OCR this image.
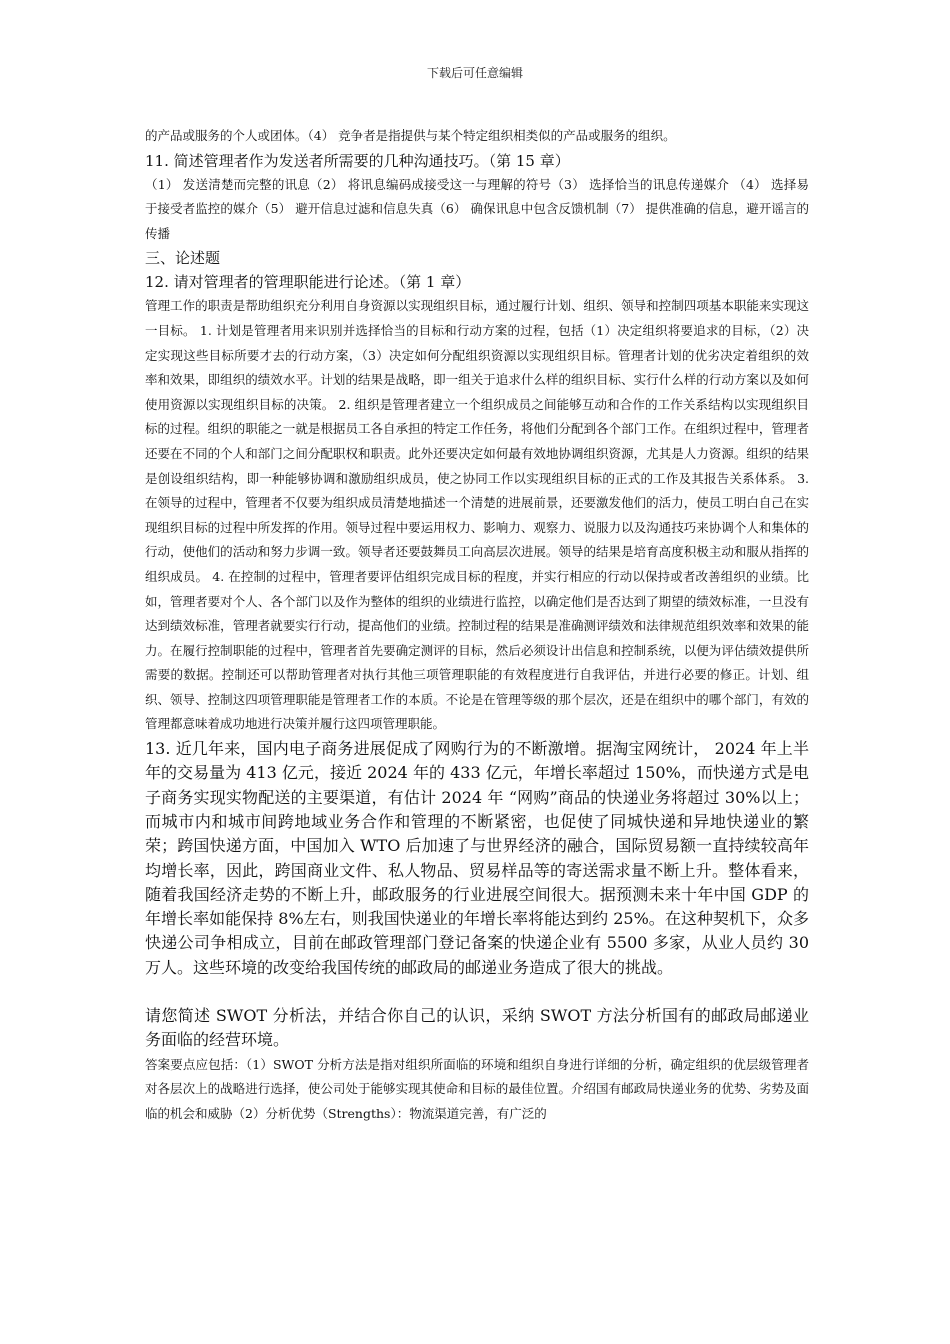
下载后可任意编辑

的产品或服务的个人或团体。（4） 竞争者是指提供与某个特定组织相类似的产品或服务的组织。

11. 简述管理者作为发送者所需要的几种沟通技巧。（第 15 章）

（1） 发送清楚而完整的讯息（2） 将讯息编码成接受这一与理解的符号（3） 选择恰当的讯息传递媒介 （4） 选择易于接受者监控的媒介（5） 避开信息过滤和信息失真（6） 确保讯息中包含反馈机制（7） 提供准确的信息，避开谣言的传播

三、论述题

12. 请对管理者的管理职能进行论述。（第 1 章）

管理工作的职责是帮助组织充分利用自身资源以实现组织目标，通过履行计划、组织、领导和控制四项基本职能来实现这一目标。 1. 计划是管理者用来识别并选择恰当的目标和行动方案的过程，包括（1）决定组织将要追求的目标，（2）决定实现这些目标所要才去的行动方案，（3）决定如何分配组织资源以实现组织目标。管理者计划的优劣决定着组织的效率和效果，即组织的绩效水平。计划的结果是战略，即一组关于追求什么样的组织目标、实行什么样的行动方案以及如何使用资源以实现组织目标的决策。 2. 组织是管理者建立一个组织成员之间能够互动和合作的工作关系结构以实现组织目标的过程。组织的职能之一就是根据员工各自承担的特定工作任务，将他们分配到各个部门工作。在组织过程中，管理者还要在不同的个人和部门之间分配职权和职责。此外还要决定如何最有效地协调组织资源，尤其是人力资源。组织的结果是创设组织结构，即一种能够协调和激励组织成员，使之协同工作以实现组织目标的正式的工作及其报告关系体系。 3. 在领导的过程中，管理者不仅要为组织成员清楚地描述一个清楚的进展前景，还要激发他们的活力，使员工明白自己在实现组织目标的过程中所发挥的作用。领导过程中要运用权力、影响力、观察力、说服力以及沟通技巧来协调个人和集体的行动，使他们的活动和努力步调一致。领导者还要鼓舞员工向高层次进展。领导的结果是培育高度积极主动和服从指挥的组织成员。 4. 在控制的过程中，管理者要评估组织完成目标的程度，并实行相应的行动以保持或者改善组织的业绩。比如，管理者要对个人、各个部门以及作为整体的组织的业绩进行监控，以确定他们是否达到了期望的绩效标准，一旦没有达到绩效标准，管理者就要实行行动，提高他们的业绩。控制过程的结果是准确测评绩效和法律规范组织效率和效果的能力。在履行控制职能的过程中，管理者首先要确定测评的目标，然后必须设计出信息和控制系统，以便为评估绩效提供所需要的数据。控制还可以帮助管理者对执行其他三项管理职能的有效程度进行自我评估，并进行必要的修正。计划、组织、领导、控制这四项管理职能是管理者工作的本质。不论是在管理等级的那个层次，还是在组织中的哪个部门，有效的管理都意味着成功地进行决策并履行这四项管理职能。

13. 近几年来，国内电子商务进展促成了网购行为的不断激增。据淘宝网统计， 2024 年上半年的交易量为 413 亿元，接近 2024 年的 433 亿元，年增长率超过 150%，而快递方式是电子商务实现实物配送的主要渠道，有估计 2024 年 “网购”商品的快递业务将超过 30%以上；而城市内和城市间跨地域业务合作和管理的不断紧密，也促使了同城快递和异地快递业的繁荣；跨国快递方面，中国加入 WTO 后加速了与世界经济的融合，国际贸易额一直持续较高年均增长率，因此，跨国商业文件、私人物品、贸易样品等的寄送需求量不断上升。整体看来，随着我国经济走势的不断上升，邮政服务的行业进展空间很大。据预测未来十年中国 GDP 的年增长率如能保持 8%左右，则我国快递业的年增长率将能达到约 25%。在这种契机下，众多快递公司争相成立，目前在邮政管理部门登记备案的快递企业有 5500 多家，从业人员约 30 万人。这些环境的改变给我国传统的邮政局的邮递业务造成了很大的挑战。

请您简述 SWOT 分析法，并结合你自己的认识，采纳 SWOT 方法分析国有的邮政局邮递业务面临的经营环境。

答案要点应包括：（1）SWOT 分析方法是指对组织所面临的环境和组织自身进行详细的分析，确定组织的优层级管理者对各层次上的战略进行选择，使公司处于能够实现其使命和目标的最佳位置。介绍国有邮政局快递业务的优势、劣势及面临的机会和威胁（2）分析优势（Strengths）：物流渠道完善，有广泛的
